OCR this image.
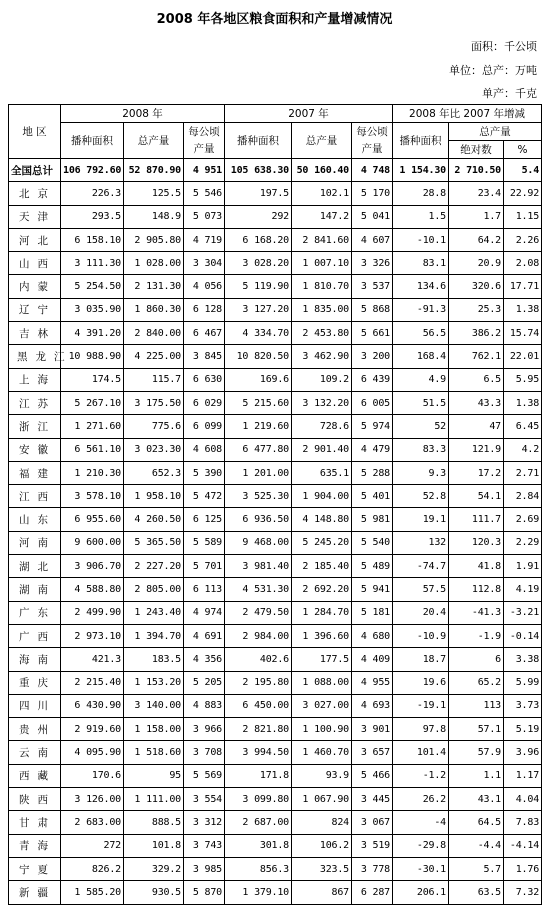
2008 年各地区粮食面积和产量增减情况
面积：千公顷
单位：总产：万吨
单产：千克
地 区	2008 年			2007 年			2008 年比 2007 年增减		
	播种面积	总产量	每公顷产量	播种面积	总产量	每公顷产量	播种面积	总产量	
								绝对数	%
全国总计	106 792.60	52 870.90	4 951	105 638.30	50 160.40	4 748	1 154.30	2 710.50	5.4
北京	226.3	125.5	5 546	197.5	102.1	5 170	28.8	23.4	22.92
天津	293.5	148.9	5 073	292	147.2	5 041	1.5	1.7	1.15
河北	6 158.10	2 905.80	4 719	6 168.20	2 841.60	4 607	-10.1	64.2	2.26
山西	3 111.30	1 028.00	3 304	3 028.20	1 007.10	3 326	83.1	20.9	2.08
内蒙	5 254.50	2 131.30	4 056	5 119.90	1 810.70	3 537	134.6	320.6	17.71
辽宁	3 035.90	1 860.30	6 128	3 127.20	1 835.00	5 868	-91.3	25.3	1.38
吉林	4 391.20	2 840.00	6 467	4 334.70	2 453.80	5 661	56.5	386.2	15.74
黑龙江	10 988.90	4 225.00	3 845	10 820.50	3 462.90	3 200	168.4	762.1	22.01
上海	174.5	115.7	6 630	169.6	109.2	6 439	4.9	6.5	5.95
江苏	5 267.10	3 175.50	6 029	5 215.60	3 132.20	6 005	51.5	43.3	1.38
浙江	1 271.60	775.6	6 099	1 219.60	728.6	5 974	52	47	6.45
安徽	6 561.10	3 023.30	4 608	6 477.80	2 901.40	4 479	83.3	121.9	4.2
福建	1 210.30	652.3	5 390	1 201.00	635.1	5 288	9.3	17.2	2.71
江西	3 578.10	1 958.10	5 472	3 525.30	1 904.00	5 401	52.8	54.1	2.84
山东	6 955.60	4 260.50	6 125	6 936.50	4 148.80	5 981	19.1	111.7	2.69
河南	9 600.00	5 365.50	5 589	9 468.00	5 245.20	5 540	132	120.3	2.29
湖北	3 906.70	2 227.20	5 701	3 981.40	2 185.40	5 489	-74.7	41.8	1.91
湖南	4 588.80	2 805.00	6 113	4 531.30	2 692.20	5 941	57.5	112.8	4.19
广东	2 499.90	1 243.40	4 974	2 479.50	1 284.70	5 181	20.4	-41.3	-3.21
广西	2 973.10	1 394.70	4 691	2 984.00	1 396.60	4 680	-10.9	-1.9	-0.14
海南	421.3	183.5	4 356	402.6	177.5	4 409	18.7	6	3.38
重庆	2 215.40	1 153.20	5 205	2 195.80	1 088.00	4 955	19.6	65.2	5.99
四川	6 430.90	3 140.00	4 883	6 450.00	3 027.00	4 693	-19.1	113	3.73
贵州	2 919.60	1 158.00	3 966	2 821.80	1 100.90	3 901	97.8	57.1	5.19
云南	4 095.90	1 518.60	3 708	3 994.50	1 460.70	3 657	101.4	57.9	3.96
西藏	170.6	95	5 569	171.8	93.9	5 466	-1.2	1.1	1.17
陕西	3 126.00	1 111.00	3 554	3 099.80	1 067.90	3 445	26.2	43.1	4.04
甘肃	2 683.00	888.5	3 312	2 687.00	824	3 067	-4	64.5	7.83
青海	272	101.8	3 743	301.8	106.2	3 519	-29.8	-4.4	-4.14
宁夏	826.2	329.2	3 985	856.3	323.5	3 778	-30.1	5.7	1.76
新疆	1 585.20	930.5	5 870	1 379.10	867	6 287	206.1	63.5	7.32
